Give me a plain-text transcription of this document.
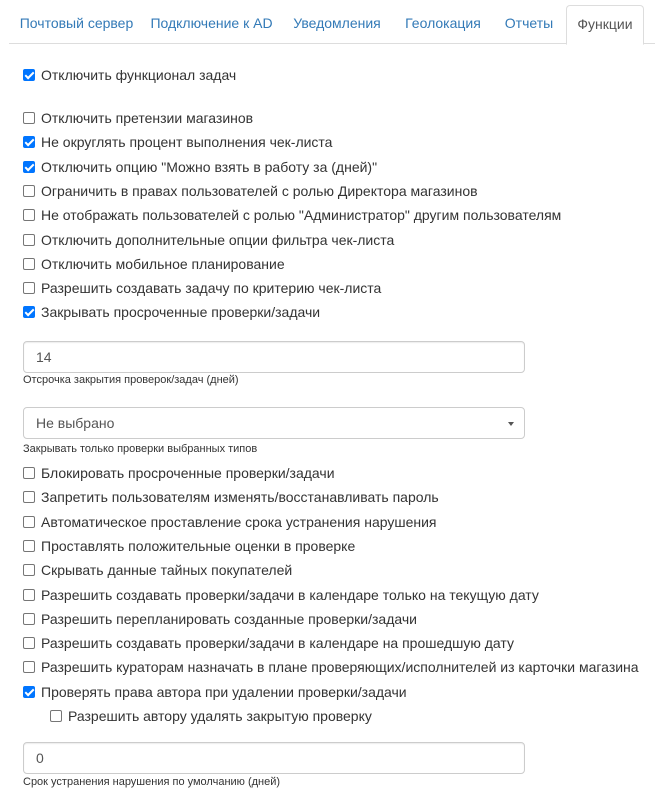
Почтовый сервер	Подключение к AD	Уведомления	Геолокация	Отчеты	Функции
Отключить функционал задач
Отключить претензии магазинов
Не округлять процент выполнения чек-листа
Отключить опцию "Можно взять в работу за (дней)"
Ограничить в правах пользователей с ролью Директора магазинов
Не отображать пользователей с ролью "Администратор" другим пользователям
Отключить дополнительные опции фильтра чек-листа
Отключить мобильное планирование
Разрешить создавать задачу по критерию чек-листа
Закрывать просроченные проверки/задачи
14
Отсрочка закрытия проверок/задач (дней)
Не выбрано
Закрывать только проверки выбранных типов
Блокировать просроченные проверки/задачи
Запретить пользователям изменять/восстанавливать пароль
Автоматическое проставление срока устранения нарушения
Проставлять положительные оценки в проверке
Скрывать данные тайных покупателей
Разрешить создавать проверки/задачи в календаре только на текущую дату
Разрешить перепланировать созданные проверки/задачи
Разрешить создавать проверки/задачи в календаре на прошедшую дату
Разрешить кураторам назначать в плане проверяющих/исполнителей из карточки магазина
Проверять права автора при удалении проверки/задачи
Разрешить автору удалять закрытую проверку
0
Срок устранения нарушения по умолчанию (дней)
